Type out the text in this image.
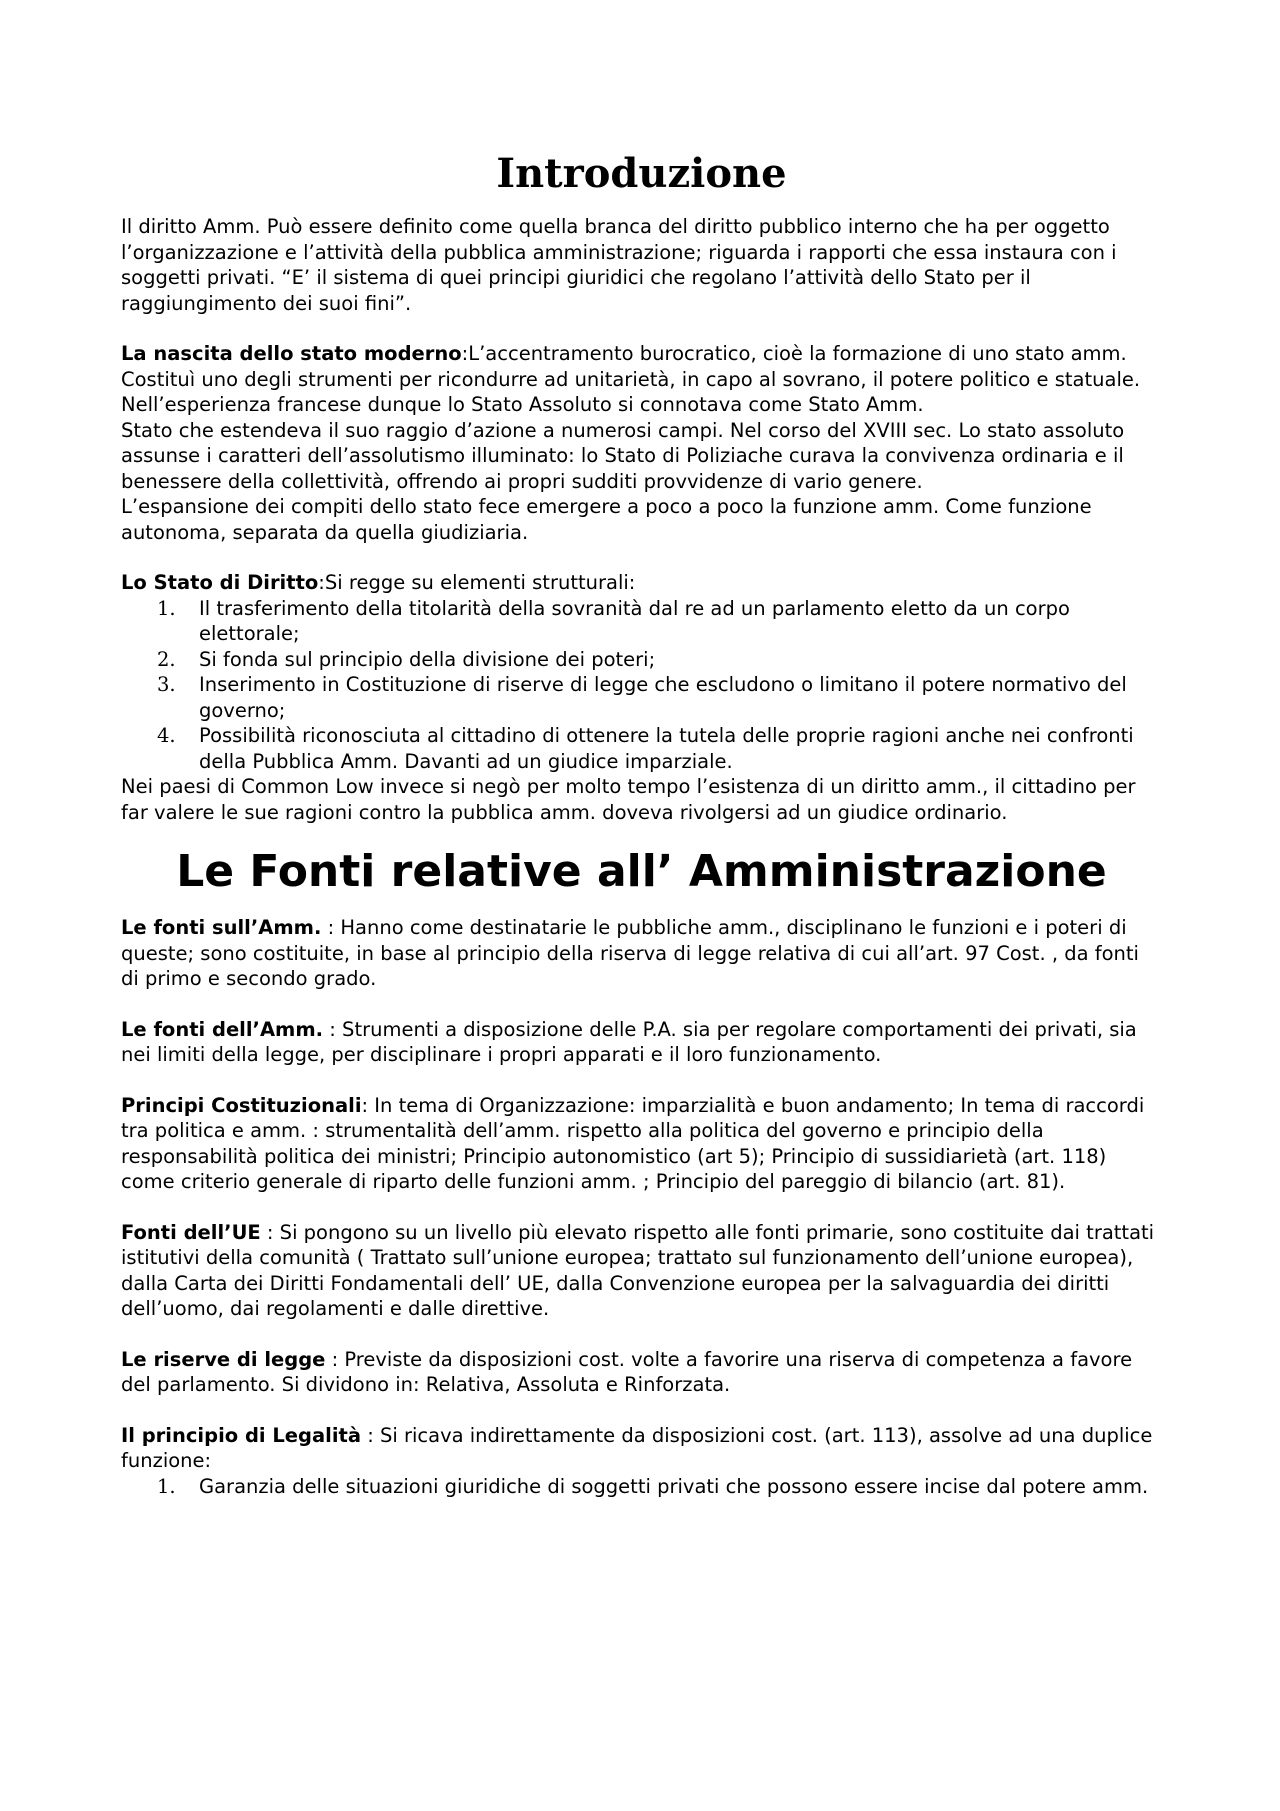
Introduzione

Il diritto Amm. Può essere definito come quella branca del diritto pubblico interno che ha per oggetto l’organizzazione e l’attività della pubblica amministrazione; riguarda i rapporti che essa instaura con i soggetti privati. “E’ il sistema di quei principi giuridici che regolano l’attività dello Stato per il raggiungimento dei suoi fini”.

La nascita dello stato moderno:L’accentramento burocratico, cioè la formazione di uno stato amm. Costituì uno degli strumenti per ricondurre ad unitarietà, in capo al sovrano, il potere politico e statuale.

Nell’esperienza francese dunque lo Stato Assoluto si connotava come Stato Amm.

Stato che estendeva il suo raggio d’azione a numerosi campi. Nel corso del XVIII sec. Lo stato assoluto assunse i caratteri dell’assolutismo illuminato: lo Stato di Poliziache curava la convivenza ordinaria e il benessere della collettività, offrendo ai propri sudditi provvidenze di vario genere.

L’espansione dei compiti dello stato fece emergere a poco a poco la funzione amm. Come funzione autonoma, separata da quella giudiziaria.

Lo Stato di Diritto:Si regge su elementi strutturali:

1.	Il trasferimento della titolarità della sovranità dal re ad un parlamento eletto da un corpo elettorale;
2.	Si fonda sul principio della divisione dei poteri;
3.	Inserimento in Costituzione di riserve di legge che escludono o limitano il potere normativo del governo;
4.	Possibilità riconosciuta al cittadino di ottenere la tutela delle proprie ragioni anche nei confronti della Pubblica Amm. Davanti ad un giudice imparziale.

Nei paesi di Common Low invece si negò per molto tempo l’esistenza di un diritto amm., il cittadino per far valere le sue ragioni contro la pubblica amm. doveva rivolgersi ad un giudice ordinario.

Le Fonti relative all’ Amministrazione

Le fonti sull’Amm. : Hanno come destinatarie le pubbliche amm., disciplinano le funzioni e i poteri di queste; sono costituite, in base al principio della riserva di legge relativa di cui all’art. 97 Cost. , da fonti di primo e secondo grado.

Le fonti dell’Amm. : Strumenti a disposizione delle P.A. sia per regolare comportamenti dei privati, sia nei limiti della legge, per disciplinare i propri apparati e il loro funzionamento.

Principi Costituzionali: In tema di Organizzazione: imparzialità e buon andamento; In tema di raccordi tra politica e amm. : strumentalità dell’amm. rispetto alla politica del governo e principio della responsabilità politica dei ministri; Principio autonomistico (art 5); Principio di sussidiarietà (art. 118) come criterio generale di riparto delle funzioni amm. ; Principio del pareggio di bilancio (art. 81).

Fonti dell’UE : Si pongono su un livello più elevato rispetto alle fonti primarie, sono costituite dai trattati istitutivi della comunità ( Trattato sull’unione europea; trattato sul funzionamento dell’unione europea), dalla Carta dei Diritti Fondamentali dell’ UE, dalla Convenzione europea per la salvaguardia dei diritti dell’uomo, dai regolamenti e dalle direttive.

Le riserve di legge : Previste da disposizioni cost. volte a favorire una riserva di competenza a favore del parlamento. Si dividono in: Relativa, Assoluta e Rinforzata.

Il principio di Legalità : Si ricava indirettamente da disposizioni cost. (art. 113), assolve ad una duplice funzione:

1.	Garanzia delle situazioni giuridiche di soggetti privati che possono essere incise dal potere amm.
